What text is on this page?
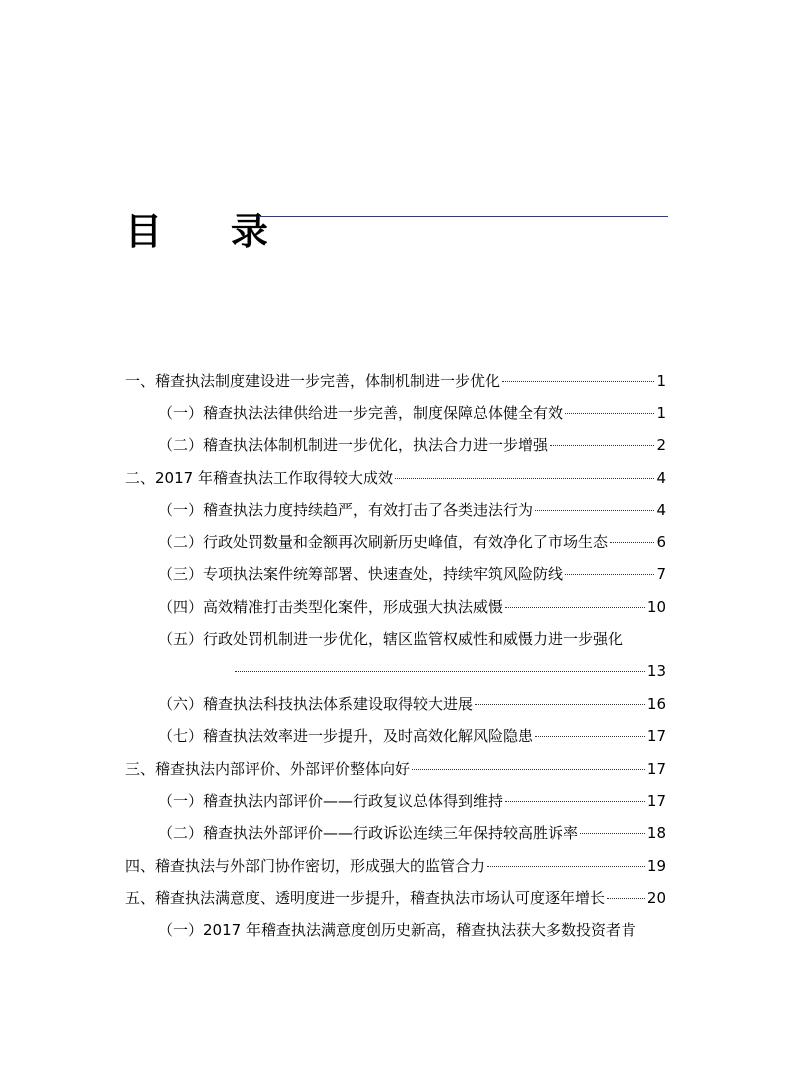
目 录
一、稽查执法制度建设进一步完善，体制机制进一步优化	1
（一）稽查执法法律供给进一步完善，制度保障总体健全有效	1
（二）稽查执法体制机制进一步优化，执法合力进一步增强	2
二、2017 年稽查执法工作取得较大成效	4
（一）稽查执法力度持续趋严，有效打击了各类违法行为	4
（二）行政处罚数量和金额再次刷新历史峰值，有效净化了市场生态	6
（三）专项执法案件统筹部署、快速查处，持续牢筑风险防线	7
（四）高效精准打击类型化案件，形成强大执法威慑	10
（五）行政处罚机制进一步优化，辖区监管权威性和威慑力进一步强化
13
（六）稽查执法科技执法体系建设取得较大进展	16
（七）稽查执法效率进一步提升，及时高效化解风险隐患	17
三、稽查执法内部评价、外部评价整体向好	17
（一）稽查执法内部评价——行政复议总体得到维持	17
（二）稽查执法外部评价——行政诉讼连续三年保持较高胜诉率	18
四、稽查执法与外部门协作密切，形成强大的监管合力	19
五、稽查执法满意度、透明度进一步提升，稽查执法市场认可度逐年增长	20
（一）2017 年稽查执法满意度创历史新高，稽查执法获大多数投资者肯
